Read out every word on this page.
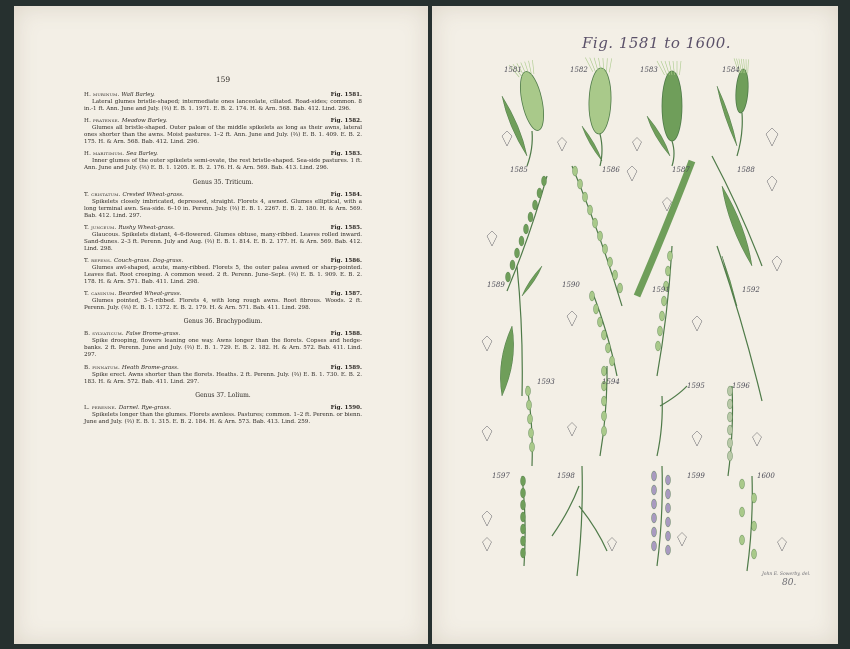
159
H. murinum. Wall Barley.	Fig. 1581.
Lateral glumes bristle-shaped; intermediate ones lanceolate, ciliated. Road-sides; common. 8 in.-1 ft. Ann. June and July. (⅔) E. B. 1. 1971. E. B. 2. 174. H. & Arn. 568. Bab. 412. Lind. 296.
H. pratense. Meadow Barley.	Fig. 1582.
Glumes all bristle-shaped. Outer paleæ of the middle spikelets as long as their awns, lateral ones shorter than the awns. Moist pastures. 1–2 ft. Ann. June and July. (⅔) E. B. 1. 409. E. B. 2. 175. H. & Arn. 568. Bab. 412. Lind. 296.
H. maritimum. Sea Barley.	Fig. 1583.
Inner glumes of the outer spikelets semi-ovate, the rest bristle-shaped. Sea-side pastures. 1 ft. Ann. June and July. (⅔) E. B. 1. 1205. E. B. 2. 176. H. & Arn. 569. Bab. 413. Lind. 296.
Genus 35. Triticum.
T. cristatum. Crested Wheat-grass.	Fig. 1584.
Spikelets closely imbricated, depressed, straight. Florets 4, awned. Glumes elliptical, with a long terminal awn. Sea-side. 6–10 in. Perenn. July. (⅔) E. B. 1. 2267. E. B. 2. 180. H. & Arn. 569. Bab. 412. Lind. 297.
T. junceum. Rushy Wheat-grass.	Fig. 1585.
Glaucous. Spikelets distant, 4–6-flowered. Glumes obtuse, many-ribbed. Leaves rolled inward. Sand-dunes. 2–3 ft. Perenn. July and Aug. (⅔) E. B. 1. 814. E. B. 2. 177. H. & Arn. 569. Bab. 412. Lind. 298.
T. repens. Couch-grass. Dog-grass.	Fig. 1586.
Glumes awl-shaped, acute, many-ribbed. Florets 5, the outer palea awned or sharp-pointed. Leaves flat. Root creeping. A common weed. 2 ft. Perenn. June–Sept. (⅔) E. B. 1. 909. E. B. 2. 178. H. & Arn. 571. Bab. 411. Lind. 298.
T. caninum. Bearded Wheat-grass.	Fig. 1587.
Glumes pointed, 3–5-ribbed. Florets 4, with long rough awns. Root fibrous. Woods. 2 ft. Perenn. July. (⅔) E. B. 1. 1372. E. B. 2. 179. H. & Arn. 571. Bab. 411. Lind. 298.
Genus 36. Brachypodium.
B. sylvaticum. False Brome-grass.	Fig. 1588.
Spike drooping, flowers leaning one way. Awns longer than the florets. Copses and hedge-banks. 2 ft. Perenn. June and July. (⅔) E. B. 1. 729. E. B. 2. 182. H. & Arn. 572. Bab. 411. Lind. 297.
B. pinnatum. Heath Brome-grass.	Fig. 1589.
Spike erect. Awns shorter than the florets. Heaths. 2 ft. Perenn. July. (⅔) E. B. 1. 730. E. B. 2. 183. H. & Arn. 572. Bab. 411. Lind. 297.
Genus 37. Lolium.
L. perenne. Darnel. Rye-grass.	Fig. 1590.
Spikelets longer than the glumes. Florets awnless. Pastures; common. 1–2 ft. Perenn. or bienn. June and July. (⅔) E. B. 1. 315. E. B. 2. 184. H. & Arn. 573. Bab. 413. Lind. 259.
Fig. 1581 to 1600.
1581	1582	1583	1584
1585	1586	1587	1588
1589	1590
1591	1592
1593	1594	1595	1596
1597	1598	1599	1600
John E. Sowerby, del.
80.
